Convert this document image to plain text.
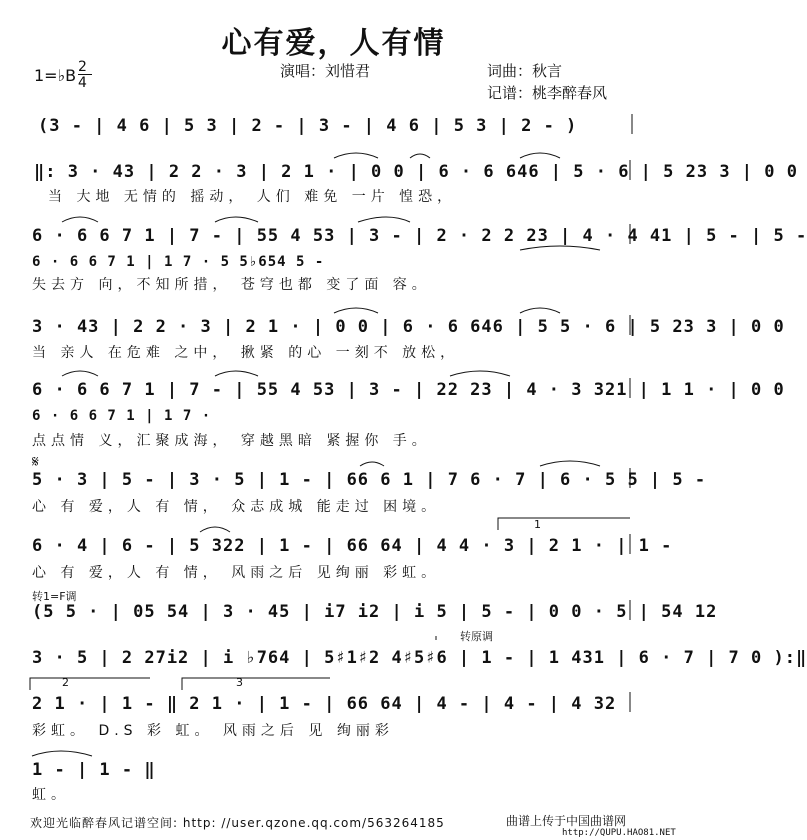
心有爱，人有情
演唱：刘惜君	词曲：秋言
记谱：桃李醉春风
1=♭B 2
4
(3 - | 4 6 | 5 3 | 2 - | 3 - | 4 6 | 5 3 | 2 - )
‖: 3 · 43 | 2 2 · 3 | 2 1 · | 0 0 | 6 · 6 646 | 5 · 6 | 5 23 3 | 0 0
当 大地 无情的 摇动， 人们 难免 一片 惶恐，
6 · 6 6 7 1 | 7 - | 55 4 53 | 3 - | 2 · 2 2 23 | 4 · 4 41 | 5 - | 5 -
6 · 6 6 7 1 | 1 7 · 5 5♭654 5 -
失去方 向，不知所措， 苍穹也都 变了面 容。
3 · 43 | 2 2 · 3 | 2 1 · | 0 0 | 6 · 6 646 | 5 5 · 6 | 5 23 3 | 0 0
当 亲人 在危难 之中， 揪紧 的心 一刻不 放松，
6 · 6 6 7 1 | 7 - | 55 4 53 | 3 - | 22 23 | 4 · 3 321 | 1 1 · | 0 0
6 · 6 6 7 1 | 1 7 ·
点点情 义，汇聚成海， 穿越黑暗 紧握你 手。
𝄋
5 · 3 | 5 - | 3 · 5 | 1 - | 66 6 1 | 7 6 · 7 | 6 · 5 5 | 5 -
心 有 爱，人 有 情， 众志成城 能走过 困境。
1
6 · 4 | 6 - | 5 322 | 1 - | 66 64 | 4 4 · 3 | 2 1 · | 1 -
心 有 爱，人 有 情， 风雨之后 见绚丽 彩虹。
转1=F调
(5 5 · | 05 54 | 3 · 45 | i7 i2 | i 5 | 5 - | 0 0 · 5 | 54 12
转原调
3 · 5 | 2 27i2 | i ♭764 | 5♯1♯2 4♯5♯6 | 1 - | 1 431 | 6 · 7 | 7 0 ):‖
2	3
2 1 · | 1 - ‖ 2 1 · | 1 - | 66 64 | 4 - | 4 - | 4 32
彩虹。 D.S 彩 虹。 风雨之后 见 绚丽彩
1 - | 1 - ‖
虹。
欢迎光临醉春风记谱空间: http: //user.qzone.qq.com/563264185	曲谱上传于中国曲谱网
http://QUPU.HAO81.NET
